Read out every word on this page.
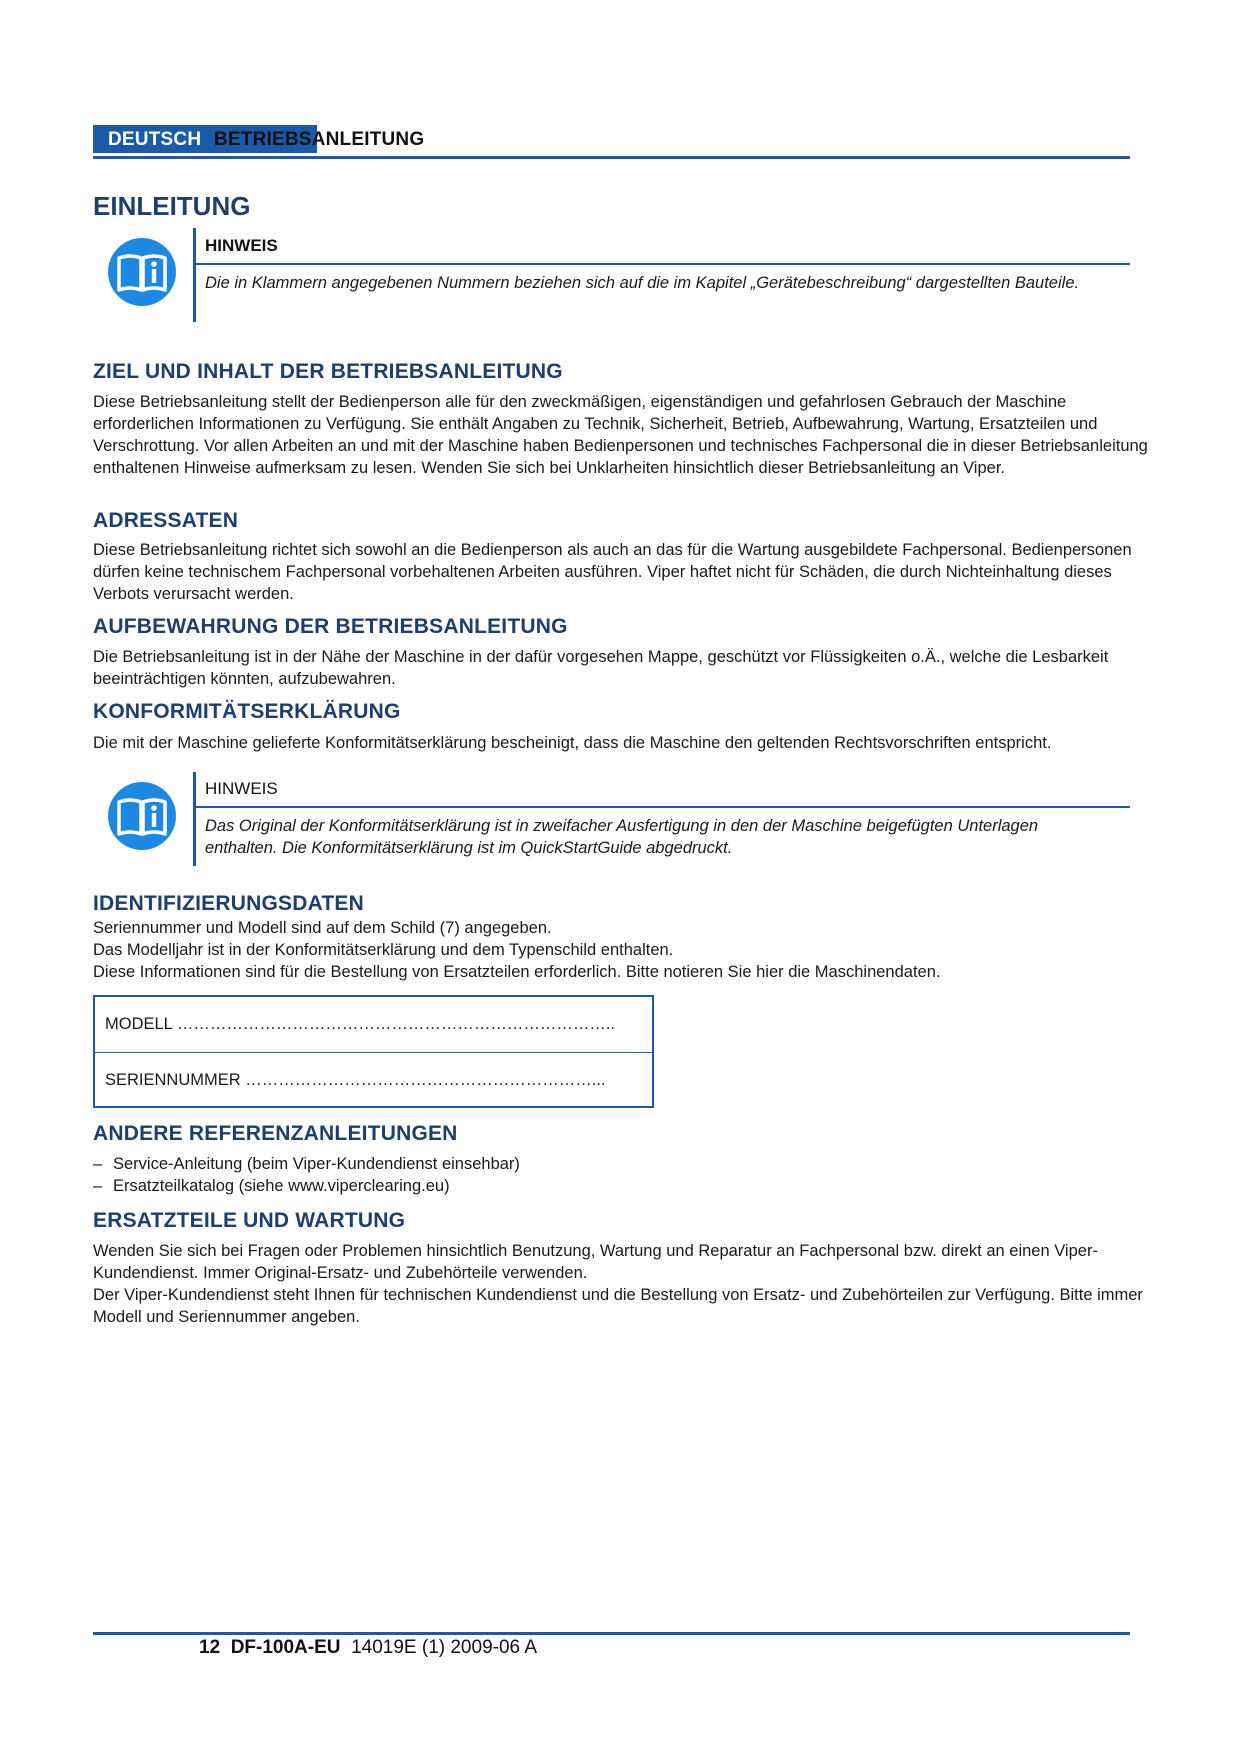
DEUTSCH BETRIEBSANLEITUNG
EINLEITUNG
HINWEIS
Die in Klammern angegebenen Nummern beziehen sich auf die im Kapitel „Gerätebeschreibung“ dargestellten Bauteile.
ZIEL UND INHALT DER BETRIEBSANLEITUNG

Diese Betriebsanleitung stellt der Bedienperson alle für den zweckmäßigen, eigenständigen und gefahrlosen Gebrauch der Maschine erforderlichen Informationen zu Verfügung. Sie enthält Angaben zu Technik, Sicherheit, Betrieb, Aufbewahrung, Wartung, Ersatzteilen und Verschrottung. Vor allen Arbeiten an und mit der Maschine haben Bedienpersonen und technisches Fachpersonal die in dieser Betriebsanleitung enthaltenen Hinweise aufmerksam zu lesen. Wenden Sie sich bei Unklarheiten hinsichtlich dieser Betriebsanleitung an Viper.

ADRESSATEN

Diese Betriebsanleitung richtet sich sowohl an die Bedienperson als auch an das für die Wartung ausgebildete Fachpersonal. Bedienpersonen dürfen keine technischem Fachpersonal vorbehaltenen Arbeiten ausführen. Viper haftet nicht für Schäden, die durch Nichteinhaltung dieses Verbots verursacht werden.

AUFBEWAHRUNG DER BETRIEBSANLEITUNG

Die Betriebsanleitung ist in der Nähe der Maschine in der dafür vorgesehen Mappe, geschützt vor Flüssigkeiten o.Ä., welche die Lesbarkeit beeinträchtigen könnten, aufzubewahren.

KONFORMITÄTSERKLÄRUNG

Die mit der Maschine gelieferte Konformitätserklärung bescheinigt, dass die Maschine den geltenden Rechtsvorschriften entspricht.

HINWEIS
Das Original der Konformitätserklärung ist in zweifacher Ausfertigung in den der Maschine beigefügten Unterlagen enthalten. Die Konformitätserklärung ist im QuickStartGuide abgedruckt.
IDENTIFIZIERUNGSDATEN

Seriennummer und Modell sind auf dem Schild (7) angegeben.

Das Modelljahr ist in der Konformitätserklärung und dem Typenschild enthalten.

Diese Informationen sind für die Bestellung von Ersatzteilen erforderlich. Bitte notieren Sie hier die Maschinendaten.

MODELL ……………………………………………………………………..
SERIENNUMMER ………………………………………………………...
ANDERE REFERENZANLEITUNGEN
– Service-Anleitung (beim Viper-Kundendienst einsehbar)
– Ersatzteilkatalog (siehe www.viperclearing.eu)
ERSATZTEILE UND WARTUNG

Wenden Sie sich bei Fragen oder Problemen hinsichtlich Benutzung, Wartung und Reparatur an Fachpersonal bzw. direkt an einen Viper-Kundendienst. Immer Original-Ersatz- und Zubehörteile verwenden.

Der Viper-Kundendienst steht Ihnen für technischen Kundendienst und die Bestellung von Ersatz- und Zubehörteilen zur Verfügung. Bitte immer Modell und Seriennummer angeben.

12 DF-100A-EU 14019E (1) 2009-06 A
